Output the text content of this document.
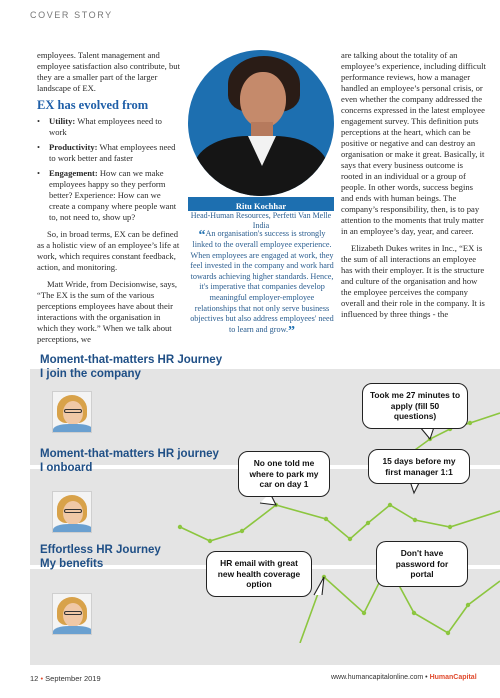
COVER STORY

employees. Talent management and employee satisfaction also contribute, but they are a smaller part of the larger landscape of EX.

EX has evolved from
• Utility: What employees need to work
• Productivity: What employees need to work better and faster
• Engagement: How can we make employees happy so they perform better? Experience: How can we create a company where people want to, not need to, show up?

So, in broad terms, EX can be defined as a holistic view of an employee’s life at work, which requires constant feedback, action, and monitoring.

Matt Wride, from Decisionwise, says, “The EX is the sum of the various perceptions employees have about their interactions with the organisation in which they work.” When we talk about perceptions, we

Ritu Kochhar
Head-Human Resources, Perfetti Van Melle India
“An organisation's success is strongly linked to the overall employee experience. When employees are engaged at work, they feel invested in the company and work hard towards achieving higher standards. Hence, it's imperative that companies develop meaningful employer-employee relationships that not only serve business objectives but also address employees' need to learn and grow.”

are talking about the totality of an employee’s experience, including difficult performance reviews, how a manager handled an employee’s personal crisis, or even whether the company addressed the concerns expressed in the latest employee engagement survey. This definition puts perceptions at the heart, which can be positive or negative and can destroy an organisation or make it great. Basically, it says that every business outcome is rooted in an individual or a group of people. In other words, success begins and ends with human beings. The company’s responsibility, then, is to pay attention to the moments that truly matter in an employee’s day, year, and career.

Elizabeth Dukes writes in Inc., “EX is the sum of all interactions an employee has with their employer. It is the structure and culture of the organisation and how the employee perceives the company overall and their role in the company. It is influenced by three things - the

Moment-that-matters HR Journey
I join the company
Moment-that-matters HR journey
I onboard
Effortless HR Journey
My benefits
Took me 27 minutes to apply (fill 50 questions)
No one told me where to park my car on day 1
15 days before my first manager 1:1
HR email with great new health coverage option
Don't have password for portal
12 • September 2019	www.humancapitalonline.com • HumanCapital
